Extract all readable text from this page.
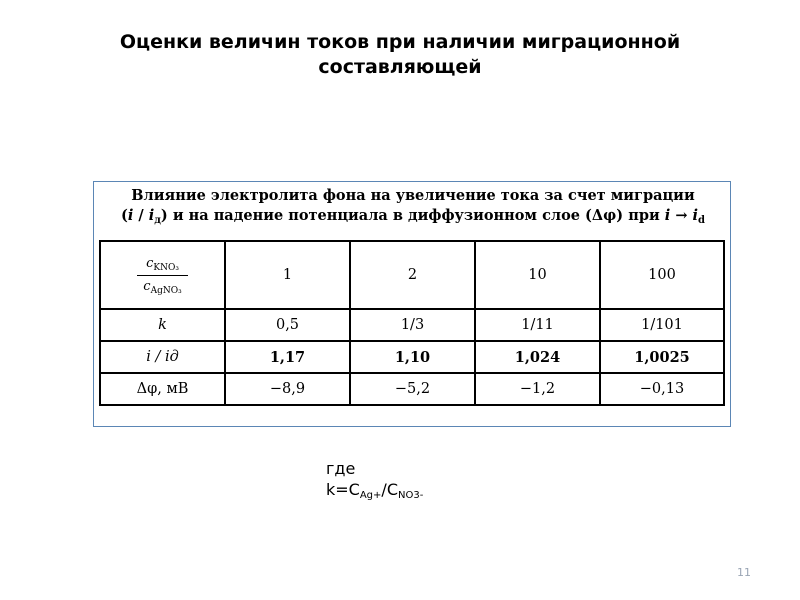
Оценки величин токов при наличии миграционной составляющей
Влияние электролита фона на увеличение тока за счет миграции
$(i / i_д)$ и на падение потенциала в диффузионном слое (Δφ) при $i \to i_d$
$\frac{c_{KNO_3}}{c_{AgNO_3}}$	1	2	10	100
k	0,5	1/3	1/11	1/101
i / iд	1,17	1,10	1,024	1,0025
Δφ, мВ	−8,9	−5,2	−1,2	−0,13
где
$k=C_{Ag+}/C_{NO3-}$
11
